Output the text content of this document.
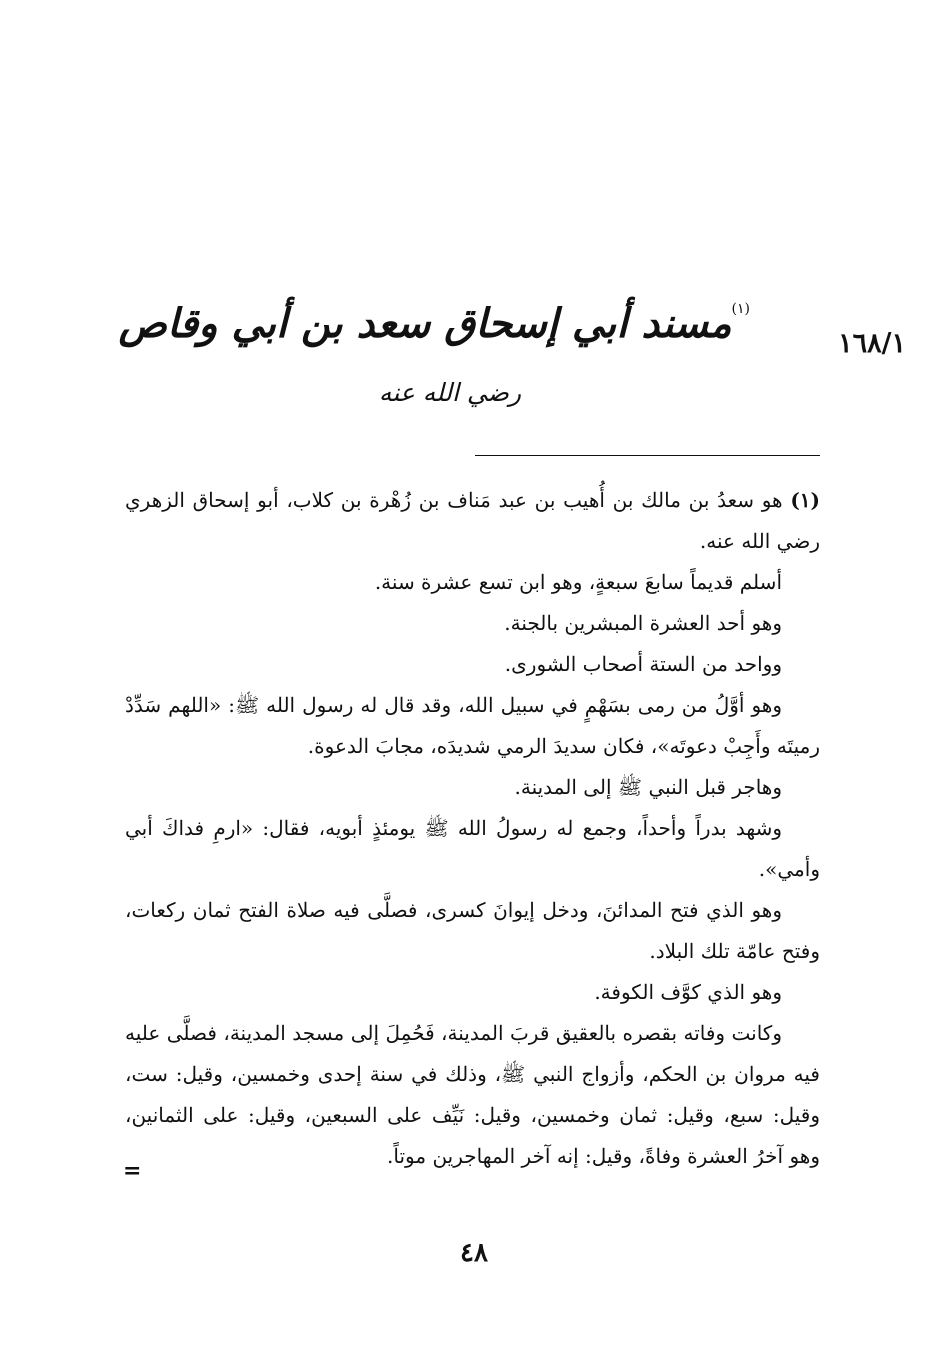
١٦٨/١
$^{(١)}$مسند أبي إسحاق سعد بن أبي وقاص
رضي الله عنه

(١) هو سعدُ بن مالك بن أُهيب بن عبد مَناف بن زُهْرة بن كلاب، أبو إسحاق الزهري رضي الله عنه.

أسلم قديماً سابعَ سبعةٍ، وهو ابن تسع عشرة سنة.

وهو أحد العشرة المبشرين بالجنة.

وواحد من الستة أصحاب الشورى.

وهو أوَّلُ من رمى بسَهْمٍ في سبيل الله، وقد قال له رسول الله ﷺ: «اللهم سَدِّدْ رميتَه وأَجِبْ دعوتَه»، فكان سديدَ الرمي شديدَه، مجابَ الدعوة.

وهاجر قبل النبي ﷺ إلى المدينة.

وشهد بدراً وأحداً، وجمع له رسولُ الله ﷺ يومئذٍ أبويه، فقال: «ارمِ فداكَ أبي وأمي».

وهو الذي فتح المدائنَ، ودخل إيوانَ كسرى، فصلَّى فيه صلاة الفتح ثمان ركعات، وفتح عامّة تلك البلاد.

وهو الذي كوَّف الكوفة.

وكانت وفاته بقصره بالعقيق قربَ المدينة، فَحُمِلَ إلى مسجد المدينة، فصلَّى عليه فيه مروان بن الحكم، وأزواج النبي ﷺ، وذلك في سنة إحدى وخمسين، وقيل: ست، وقيل: سبع، وقيل: ثمان وخمسين، وقيل: نَيِّف على السبعين، وقيل: على الثمانين، وهو آخرُ العشرة وفاةً، وقيل: إنه آخر المهاجرين موتاً.

=
٤٨
